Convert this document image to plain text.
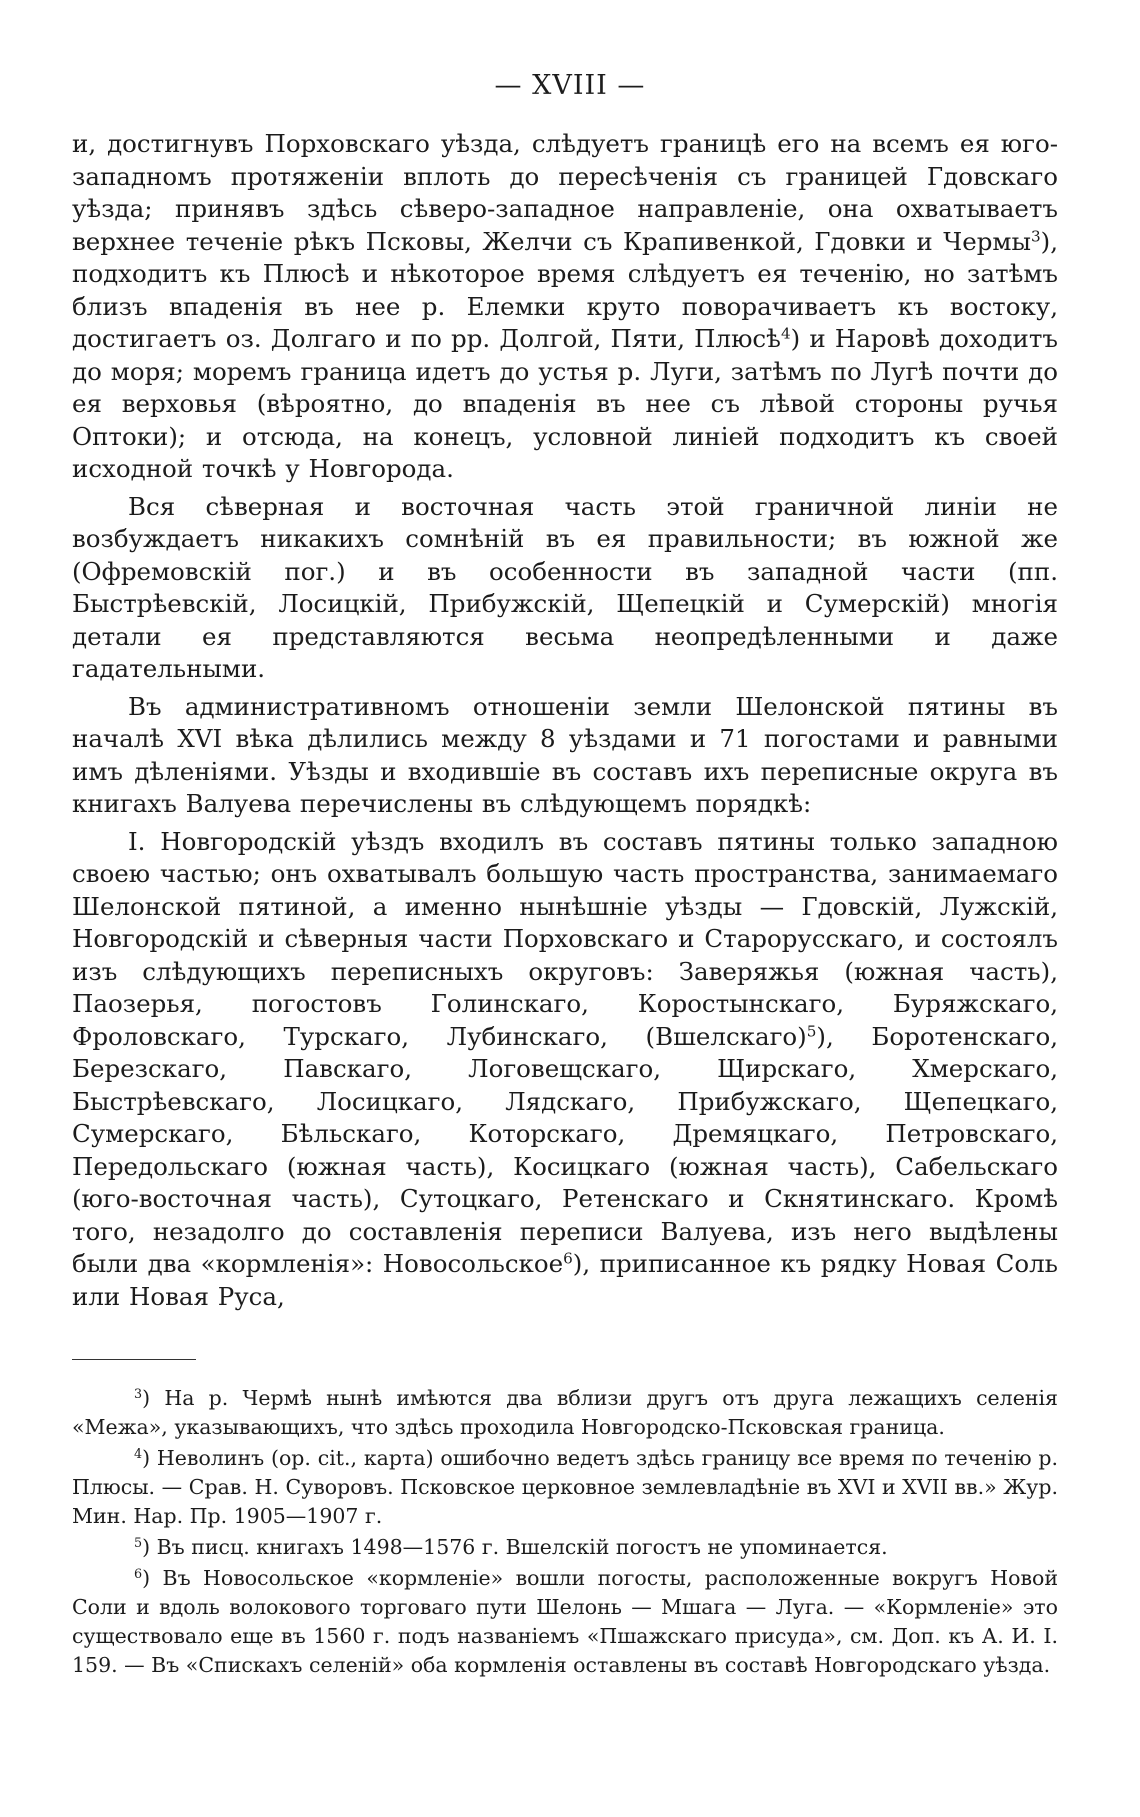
— XVIII —

и, достигнувъ Порховскаго уѣзда, слѣдуетъ границѣ его на всемъ ея юго-западномъ протяженіи вплоть до пересѣченія съ границей Гдовскаго уѣзда; принявъ здѣсь сѣверо-западное направленіе, она охватываетъ верхнее теченіе рѣкъ Псковы, Желчи съ Крапивенкой, Гдовки и Чермы$^3$), подходитъ къ Плюсѣ и нѣкоторое время слѣдуетъ ея теченію, но затѣмъ близъ впаденія въ нее р. Елемки круто поворачиваетъ къ востоку, достигаетъ оз. Долгаго и по рр. Долгой, Пяти, Плюсѣ$^4$) и Наровѣ доходитъ до моря; моремъ граница идетъ до устья р. Луги, затѣмъ по Лугѣ почти до ея верховья (вѣроятно, до впаденія въ нее съ лѣвой стороны ручья Оптоки); и отсюда, на конецъ, условной линіей подходитъ къ своей исходной точкѣ у Новгорода.

Вся сѣверная и восточная часть этой граничной линіи не возбуждаетъ никакихъ сомнѣній въ ея правильности; въ южной же (Офремовскій пог.) и въ особенности въ западной части (пп. Быстрѣевскій, Лосицкій, Прибужскій, Щепецкій и Сумерскій) многія детали ея представляются весьма неопредѣленными и даже гадательными.

Въ административномъ отношеніи земли Шелонской пятины въ началѣ XVI вѣка дѣлились между 8 уѣздами и 71 погостами и равными имъ дѣленіями. Уѣзды и входившіе въ составъ ихъ переписные округа въ книгахъ Валуева перечислены въ слѣдующемъ порядкѣ:

I. Новгородскій уѣздъ входилъ въ составъ пятины только западною своею частью; онъ охватывалъ большую часть пространства, занимаемаго Шелонской пятиной, а именно нынѣшніе уѣзды — Гдовскій, Лужскій, Новгородскій и сѣверныя части Порховскаго и Старорусскаго, и состоялъ изъ слѣдующихъ переписныхъ округовъ: Заверяжья (южная часть), Паозерья, погостовъ Голинскаго, Коростынскаго, Буряжскаго, Фроловскаго, Турскаго, Лубинскаго, (Вшелскаго)$^5$), Боротенскаго, Березскаго, Павскаго, Логовещскаго, Щирскаго, Хмерскаго, Быстрѣевскаго, Лосицкаго, Лядскаго, Прибужскаго, Щепецкаго, Сумерскаго, Бѣльскаго, Которскаго, Дремяцкаго, Петровскаго, Передольскаго (южная часть), Косицкаго (южная часть), Сабельскаго (юго-восточная часть), Сутоцкаго, Ретенскаго и Скнятинскаго. Кромѣ того, незадолго до составленія переписи Валуева, изъ него выдѣлены были два «кормленія»: Новосольское$^6$), приписанное къ рядку Новая Соль или Новая Руса,

$^3$) На р. Чермѣ нынѣ имѣются два вблизи другъ отъ друга лежащихъ селенія «Межа», указывающихъ, что здѣсь проходила Новгородско-Псковская граница.

$^4$) Неволинъ (ор. cit., карта) ошибочно ведетъ здѣсь границу все время по теченію р. Плюсы. — Срав. Н. Суворовъ. Псковское церковное землевладѣніе въ XVI и XVII вв.» Жур. Мин. Нар. Пр. 1905—1907 г.

$^5$) Въ писц. книгахъ 1498—1576 г. Вшелскій погостъ не упоминается.

$^6$) Въ Новосольское «кормленіе» вошли погосты, расположенные вокругъ Новой Соли и вдоль волокового торговаго пути Шелонь — Мшага — Луга. — «Кормленіе» это существовало еще въ 1560 г. подъ названіемъ «Пшажскаго присуда», см. Доп. къ А. И. I. 159. — Въ «Спискахъ селеній» оба кормленія оставлены въ составѣ Новгородскаго уѣзда.
